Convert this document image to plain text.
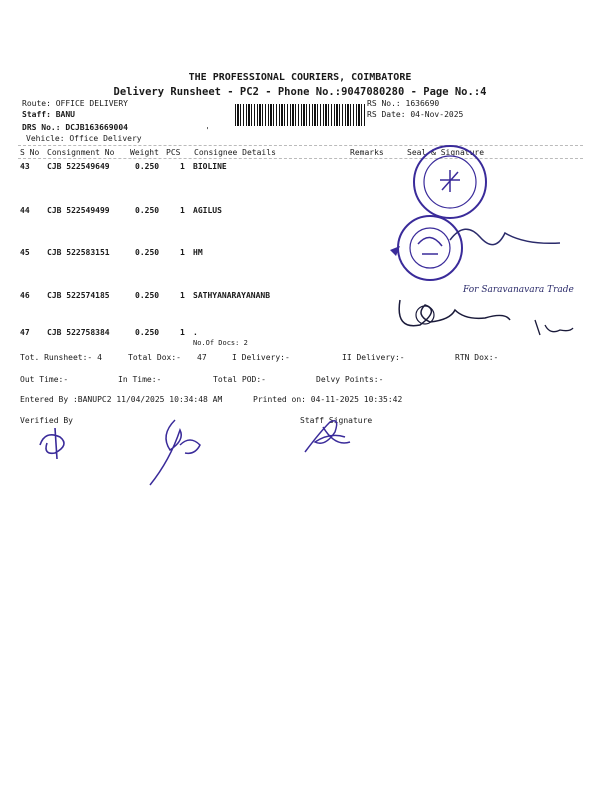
THE PROFESSIONAL COURIERS, COIMBATORE
Delivery Runsheet - PC2 - Phone No.:9047080280 - Page No.:4
Route: OFFICE DELIVERY
Staff: BANU
DRS No.: DCJB163669004
Vehicle: Office Delivery
'
RS No.: 1636690
RS Date: 04-Nov-2025
S No Consignment No Weight PCS Consignee Details	Remarks	Seal & Signature
43 CJB 522549649	0.250	1 BIOLINE
44 CJB 522549499	0.250	1 AGILUS
45 CJB 522583151	0.250	1 HM
46 CJB 522574185	0.250	1 SATHYANARAYANANB
47 CJB 522758384	0.250	1 .
No.Of Docs: 2
Tot. Runsheet:- 4	Total Dox:- 47	I Delivery:-	II Delivery:-	RTN Dox:-
Out Time:-	In Time:-	Total POD:-	Delvy Points:-
Entered By :BANUPC2 11/04/2025 10:34:48 AM	Printed on: 04-11-2025 10:35:42
Verified By	Staff Signature
For Saravanavara Trade
